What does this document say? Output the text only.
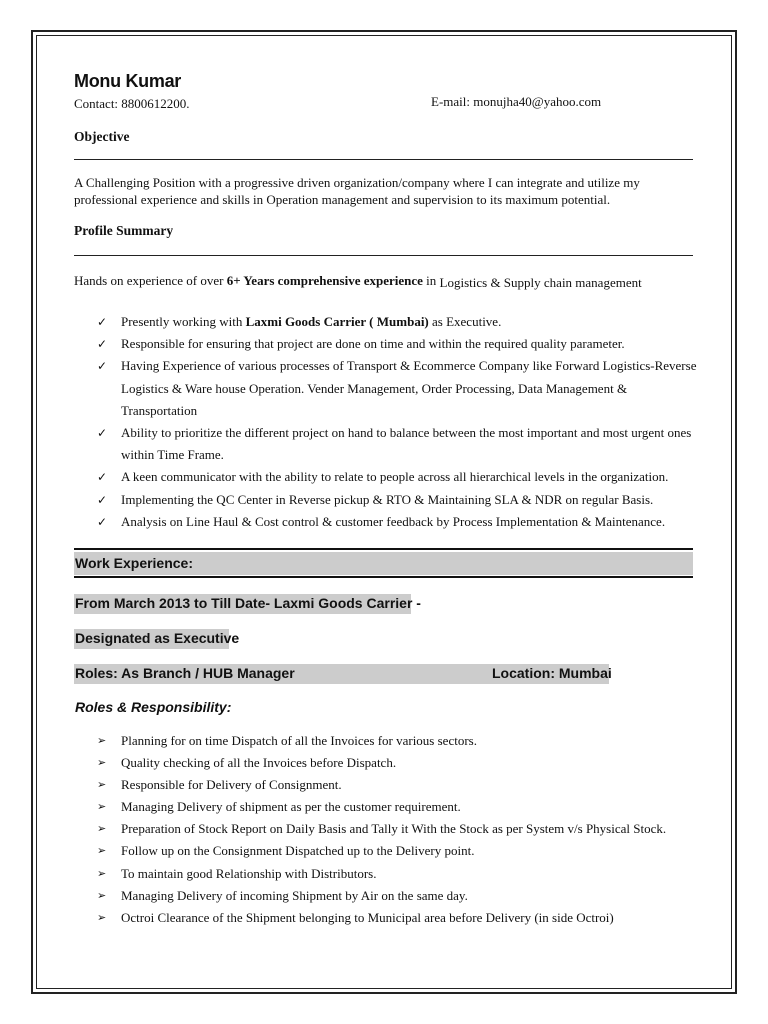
Monu Kumar
Contact: 8800612200.	E-mail: monujha40@yahoo.com
Objective
A Challenging Position with a progressive driven organization/company where I can integrate and utilize my professional experience and skills in Operation management and supervision to its maximum potential.
Profile Summary
Hands on experience of over 6+ Years comprehensive experience in Logistics & Supply chain management
✓ Presently working with Laxmi Goods Carrier ( Mumbai) as Executive.
✓ Responsible for ensuring that project are done on time and within the required quality parameter.
✓ Having Experience of various processes of Transport & Ecommerce Company like Forward Logistics-Reverse Logistics & Ware house Operation. Vender Management, Order Processing, Data Management & Transportation
✓ Ability to prioritize the different project on hand to balance between the most important and most urgent ones within Time Frame.
✓ A keen communicator with the ability to relate to people across all hierarchical levels in the organization.
✓ Implementing the QC Center in Reverse pickup & RTO & Maintaining SLA & NDR on regular Basis.
✓ Analysis on Line Haul & Cost control & customer feedback by Process Implementation & Maintenance.
Work Experience:
From March 2013 to Till Date- Laxmi Goods Carrier -
Designated as Executive
Roles: As Branch / HUB Manager	Location: Mumbai
Roles & Responsibility:
➢ Planning for on time Dispatch of all the Invoices for various sectors.
➢ Quality checking of all the Invoices before Dispatch.
➢ Responsible for Delivery of Consignment.
➢ Managing Delivery of shipment as per the customer requirement.
➢ Preparation of Stock Report on Daily Basis and Tally it With the Stock as per System v/s Physical Stock.
➢ Follow up on the Consignment Dispatched up to the Delivery point.
➢ To maintain good Relationship with Distributors.
➢ Managing Delivery of incoming Shipment by Air on the same day.
➢ Octroi Clearance of the Shipment belonging to Municipal area before Delivery (in side Octroi)
